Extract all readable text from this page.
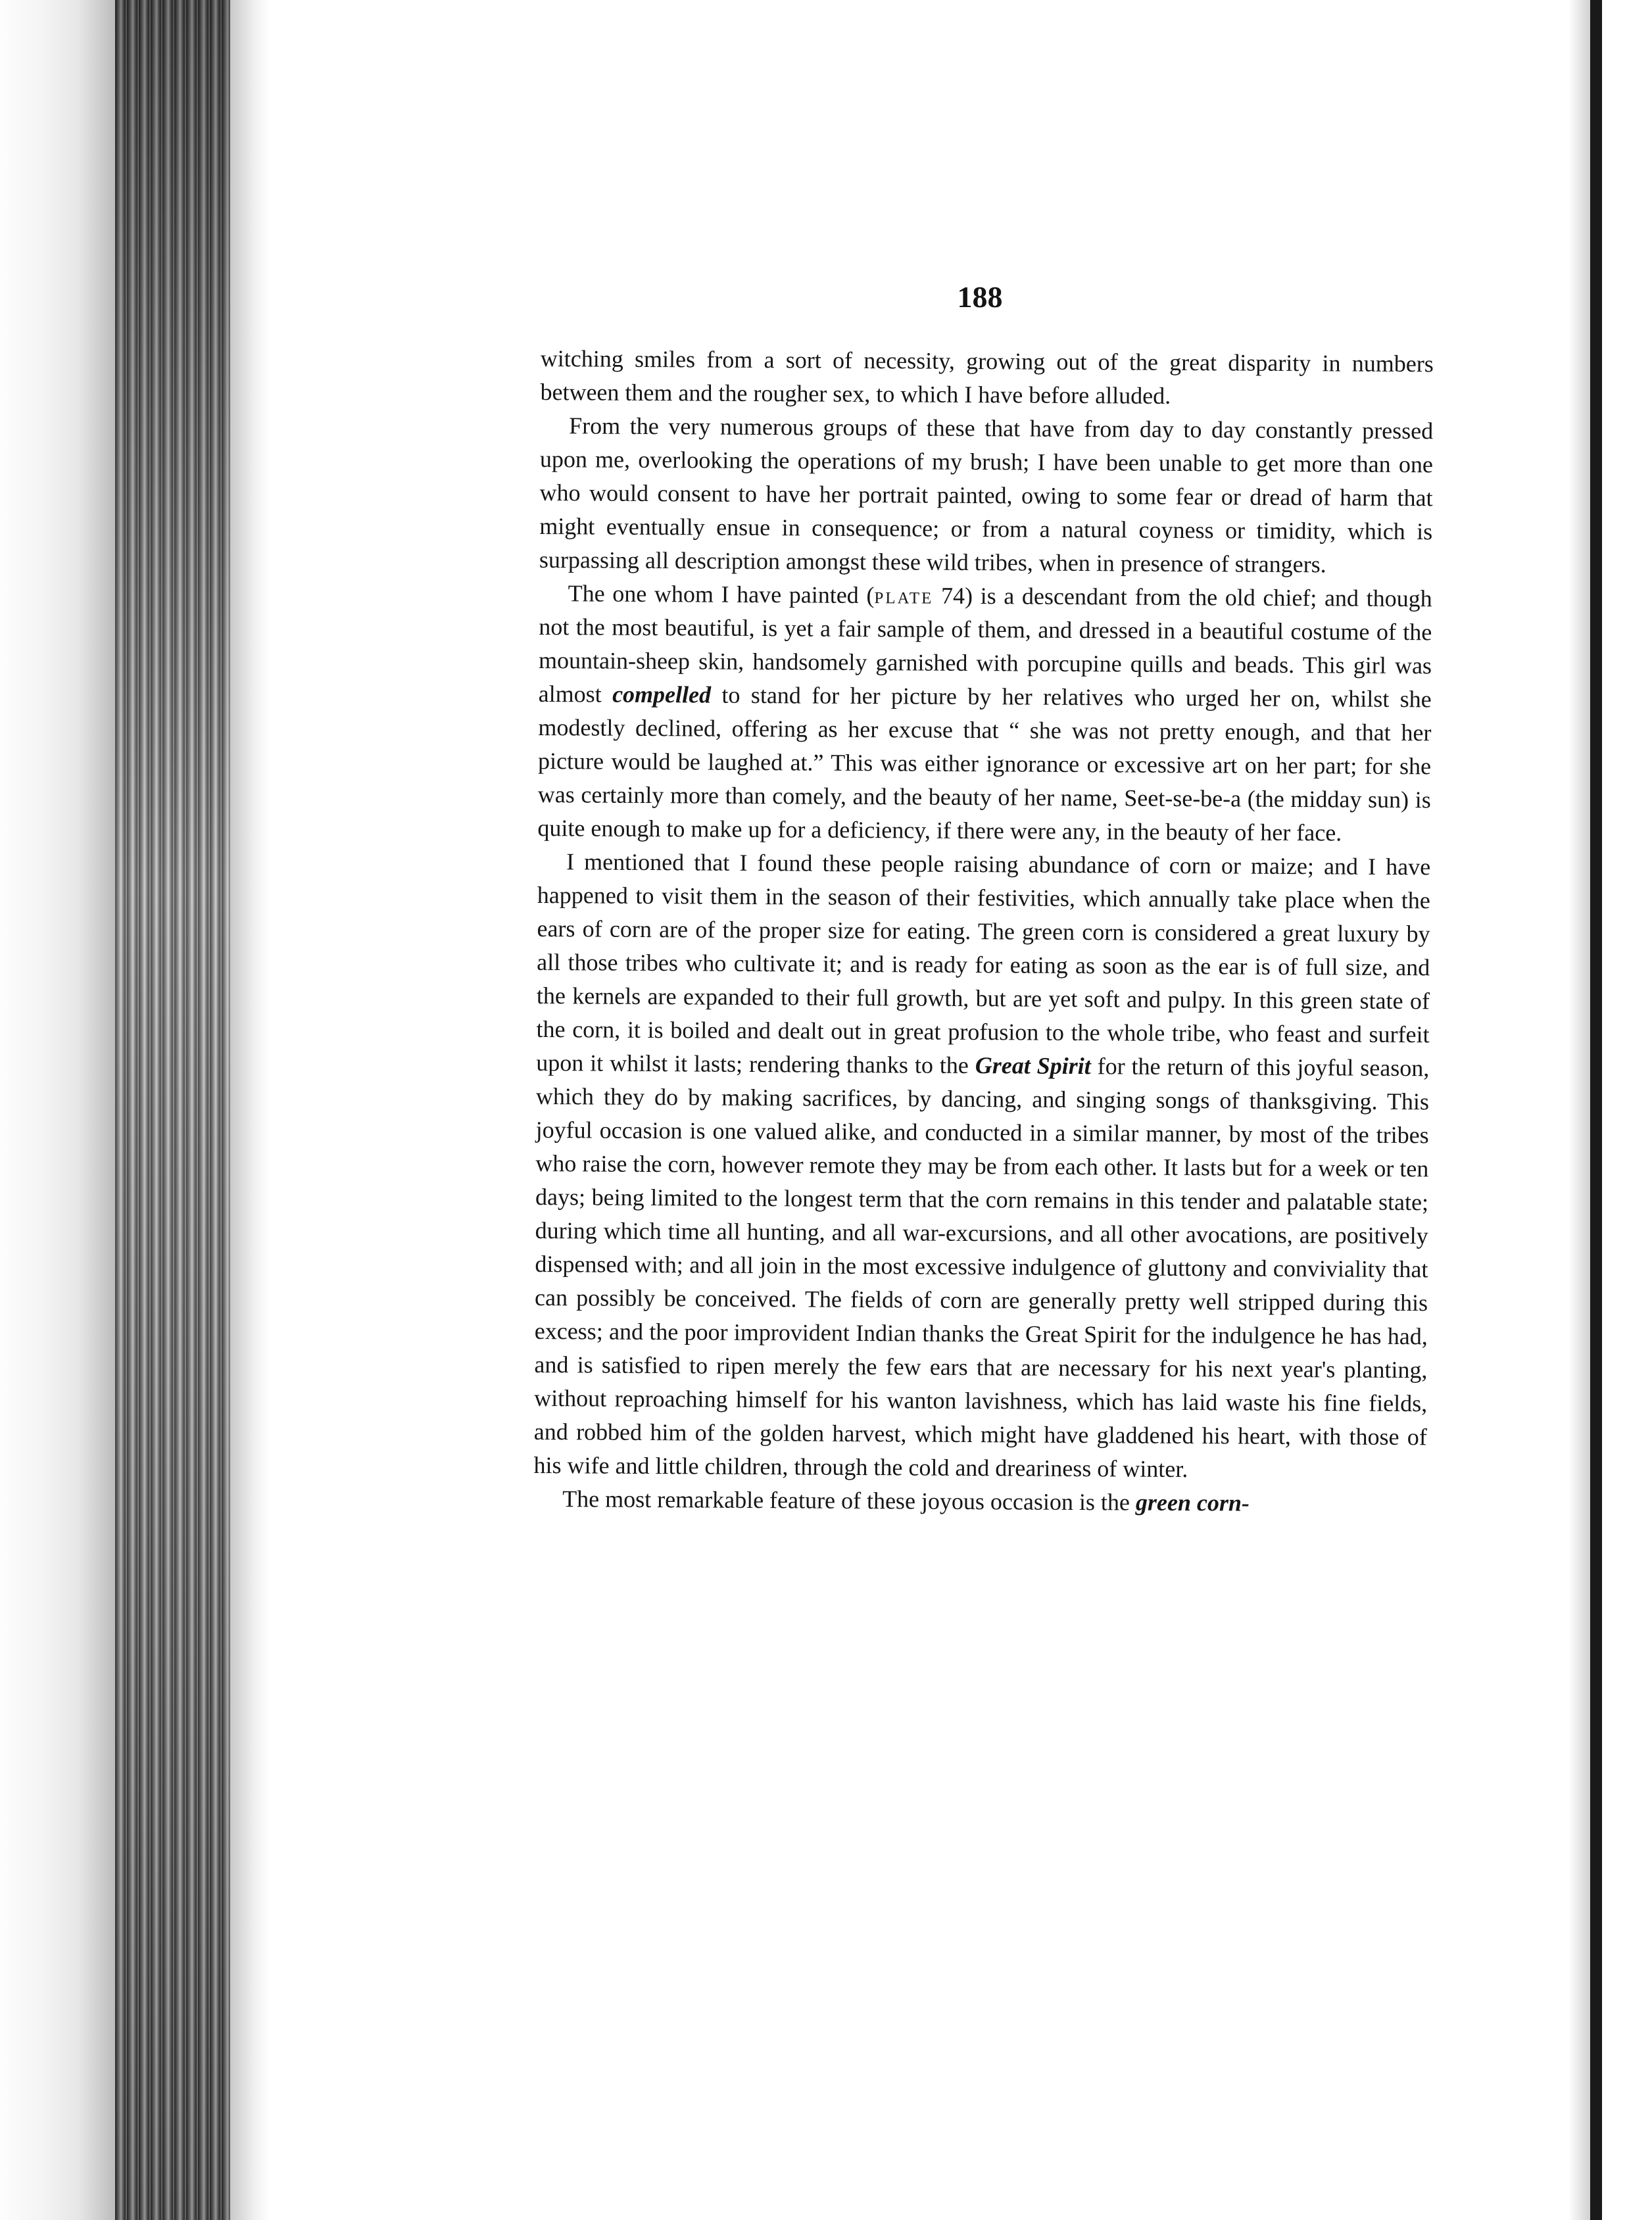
188

witching smiles from a sort of necessity, growing out of the great disparity in numbers between them and the rougher sex, to which I have before alluded.

From the very numerous groups of these that have from day to day constantly pressed upon me, overlooking the operations of my brush; I have been unable to get more than one who would consent to have her portrait painted, owing to some fear or dread of harm that might eventually ensue in consequence; or from a natural coyness or timidity, which is surpassing all description amongst these wild tribes, when in presence of strangers.

The one whom I have painted (plate 74) is a descendant from the old chief; and though not the most beautiful, is yet a fair sample of them, and dressed in a beautiful costume of the mountain-sheep skin, handsomely garnished with porcupine quills and beads. This girl was almost compelled to stand for her picture by her relatives who urged her on, whilst she modestly declined, offering as her excuse that “ she was not pretty enough, and that her picture would be laughed at.” This was either ignorance or excessive art on her part; for she was certainly more than comely, and the beauty of her name, Seet-se-be-a (the midday sun) is quite enough to make up for a deficiency, if there were any, in the beauty of her face.

I mentioned that I found these people raising abundance of corn or maize; and I have happened to visit them in the season of their festivities, which annually take place when the ears of corn are of the proper size for eating. The green corn is considered a great luxury by all those tribes who cultivate it; and is ready for eating as soon as the ear is of full size, and the kernels are expanded to their full growth, but are yet soft and pulpy. In this green state of the corn, it is boiled and dealt out in great profusion to the whole tribe, who feast and surfeit upon it whilst it lasts; rendering thanks to the Great Spirit for the return of this joyful season, which they do by making sacrifices, by dancing, and singing songs of thanksgiving. This joyful occasion is one valued alike, and conducted in a similar manner, by most of the tribes who raise the corn, however remote they may be from each other. It lasts but for a week or ten days; being limited to the longest term that the corn remains in this tender and palatable state; during which time all hunting, and all war-excursions, and all other avocations, are positively dispensed with; and all join in the most excessive indulgence of gluttony and conviviality that can possibly be conceived. The fields of corn are generally pretty well stripped during this excess; and the poor improvident Indian thanks the Great Spirit for the indulgence he has had, and is satisfied to ripen merely the few ears that are necessary for his next year's planting, without reproaching himself for his wanton lavishness, which has laid waste his fine fields, and robbed him of the golden harvest, which might have gladdened his heart, with those of his wife and little children, through the cold and dreariness of winter.

The most remarkable feature of these joyous occasion is the green corn-
